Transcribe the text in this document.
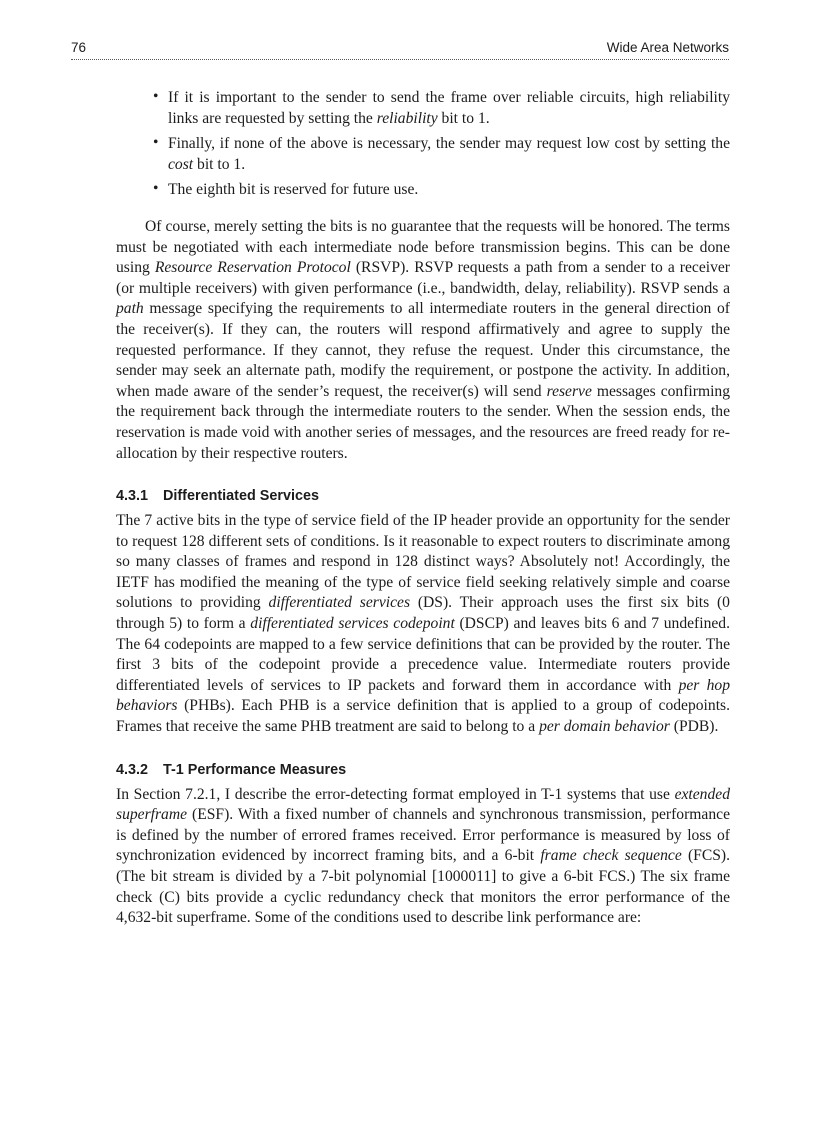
76	Wide Area Networks
• If it is important to the sender to send the frame over reliable circuits, high reliability links are requested by setting the reliability bit to 1.
• Finally, if none of the above is necessary, the sender may request low cost by setting the cost bit to 1.
• The eighth bit is reserved for future use.

Of course, merely setting the bits is no guarantee that the requests will be honored. The terms must be negotiated with each intermediate node before transmission begins. This can be done using Resource Reservation Protocol (RSVP). RSVP requests a path from a sender to a receiver (or multiple receivers) with given performance (i.e., bandwidth, delay, reliability). RSVP sends a path message specifying the requirements to all intermediate routers in the general direction of the receiver(s). If they can, the routers will respond affirmatively and agree to supply the requested performance. If they cannot, they refuse the request. Under this circumstance, the sender may seek an alternate path, modify the requirement, or postpone the activity. In addition, when made aware of the sender’s request, the receiver(s) will send reserve messages confirming the requirement back through the intermediate routers to the sender. When the session ends, the reservation is made void with another series of messages, and the resources are freed ready for re-allocation by their respective routers.

4.3.1 Differentiated Services

The 7 active bits in the type of service field of the IP header provide an opportunity for the sender to request 128 different sets of conditions. Is it reasonable to expect routers to discriminate among so many classes of frames and respond in 128 distinct ways? Absolutely not! Accordingly, the IETF has modified the meaning of the type of service field seeking relatively simple and coarse solutions to providing differentiated services (DS). Their approach uses the first six bits (0 through 5) to form a differentiated services codepoint (DSCP) and leaves bits 6 and 7 undefined. The 64 codepoints are mapped to a few service definitions that can be provided by the router. The first 3 bits of the codepoint provide a precedence value. Intermediate routers provide differentiated levels of services to IP packets and forward them in accordance with per hop behaviors (PHBs). Each PHB is a service definition that is applied to a group of codepoints. Frames that receive the same PHB treatment are said to belong to a per domain behavior (PDB).

4.3.2 T-1 Performance Measures

In Section 7.2.1, I describe the error-detecting format employed in T-1 systems that use extended superframe (ESF). With a fixed number of channels and synchronous transmission, performance is defined by the number of errored frames received. Error performance is measured by loss of synchronization evidenced by incorrect framing bits, and a 6-bit frame check sequence (FCS). (The bit stream is divided by a 7-bit polynomial [1000011] to give a 6-bit FCS.) The six frame check (C) bits provide a cyclic redundancy check that monitors the error performance of the 4,632-bit superframe. Some of the conditions used to describe link performance are:
